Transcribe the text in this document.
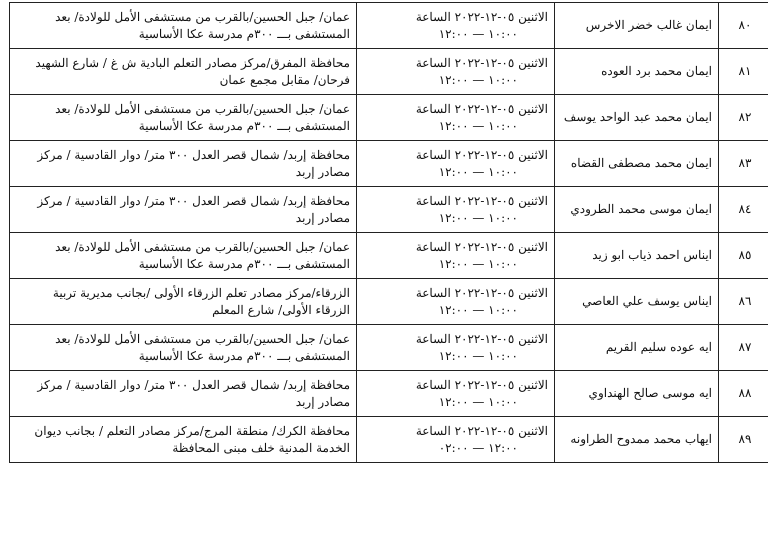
٨٠	ايمان غالب خضر الاخرس	الاثنين ٠٥-١٢-٢٠٢٢ الساعة
١٠:٠٠ — ١٢:٠٠	عمان/ جبل الحسين/بالقرب من مستشفى الأمل للولادة/ بعد
المستشفى بـــ ٣٠٠م مدرسة عكا الأساسية

٨١	ايمان محمد برد العوده	الاثنين ٠٥-١٢-٢٠٢٢ الساعة
١٠:٠٠ — ١٢:٠٠	محافظة المفرق/مركز مصادر التعلم البادية ش غ / شارع الشهيد
فرحان/ مقابل مجمع عمان

٨٢	ايمان محمد عبد الواحد يوسف	الاثنين ٠٥-١٢-٢٠٢٢ الساعة
١٠:٠٠ — ١٢:٠٠	عمان/ جبل الحسين/بالقرب من مستشفى الأمل للولادة/ بعد
المستشفى بـــ ٣٠٠م مدرسة عكا الأساسية

٨٣	ايمان محمد مصطفى القضاه	الاثنين ٠٥-١٢-٢٠٢٢ الساعة
١٠:٠٠ — ١٢:٠٠	محافظة إربد/ شمال قصر العدل ٣٠٠ متر/ دوار القادسية / مركز
مصادر إربد

٨٤	ايمان موسى محمد الطرودي	الاثنين ٠٥-١٢-٢٠٢٢ الساعة
١٠:٠٠ — ١٢:٠٠	محافظة إربد/ شمال قصر العدل ٣٠٠ متر/ دوار القادسية / مركز
مصادر إربد

٨٥	ايناس احمد ذياب ابو زيد	الاثنين ٠٥-١٢-٢٠٢٢ الساعة
١٠:٠٠ — ١٢:٠٠	عمان/ جبل الحسين/بالقرب من مستشفى الأمل للولادة/ بعد
المستشفى بـــ ٣٠٠م مدرسة عكا الأساسية

٨٦	ايناس يوسف علي العاصي	الاثنين ٠٥-١٢-٢٠٢٢ الساعة
١٠:٠٠ — ١٢:٠٠	الزرقاء/مركز مصادر تعلم الزرقاء الأولى /بجانب مديرية تربية
الزرقاء الأولى/ شارع المعلم

٨٧	ايه عوده سليم القريم	الاثنين ٠٥-١٢-٢٠٢٢ الساعة
١٠:٠٠ — ١٢:٠٠	عمان/ جبل الحسين/بالقرب من مستشفى الأمل للولادة/ بعد
المستشفى بـــ ٣٠٠م مدرسة عكا الأساسية

٨٨	ايه موسى صالح الهنداوي	الاثنين ٠٥-١٢-٢٠٢٢ الساعة
١٠:٠٠ — ١٢:٠٠	محافظة إربد/ شمال قصر العدل ٣٠٠ متر/ دوار القادسية / مركز
مصادر إربد

٨٩	ايهاب محمد ممدوح الطراونه	الاثنين ٠٥-١٢-٢٠٢٢ الساعة
١٢:٠٠ — ٠٢:٠٠	محافظة الكرك/ منطقة المرج/مركز مصادر التعلم / بجانب ديوان
الخدمة المدنية خلف مبنى المحافظة
